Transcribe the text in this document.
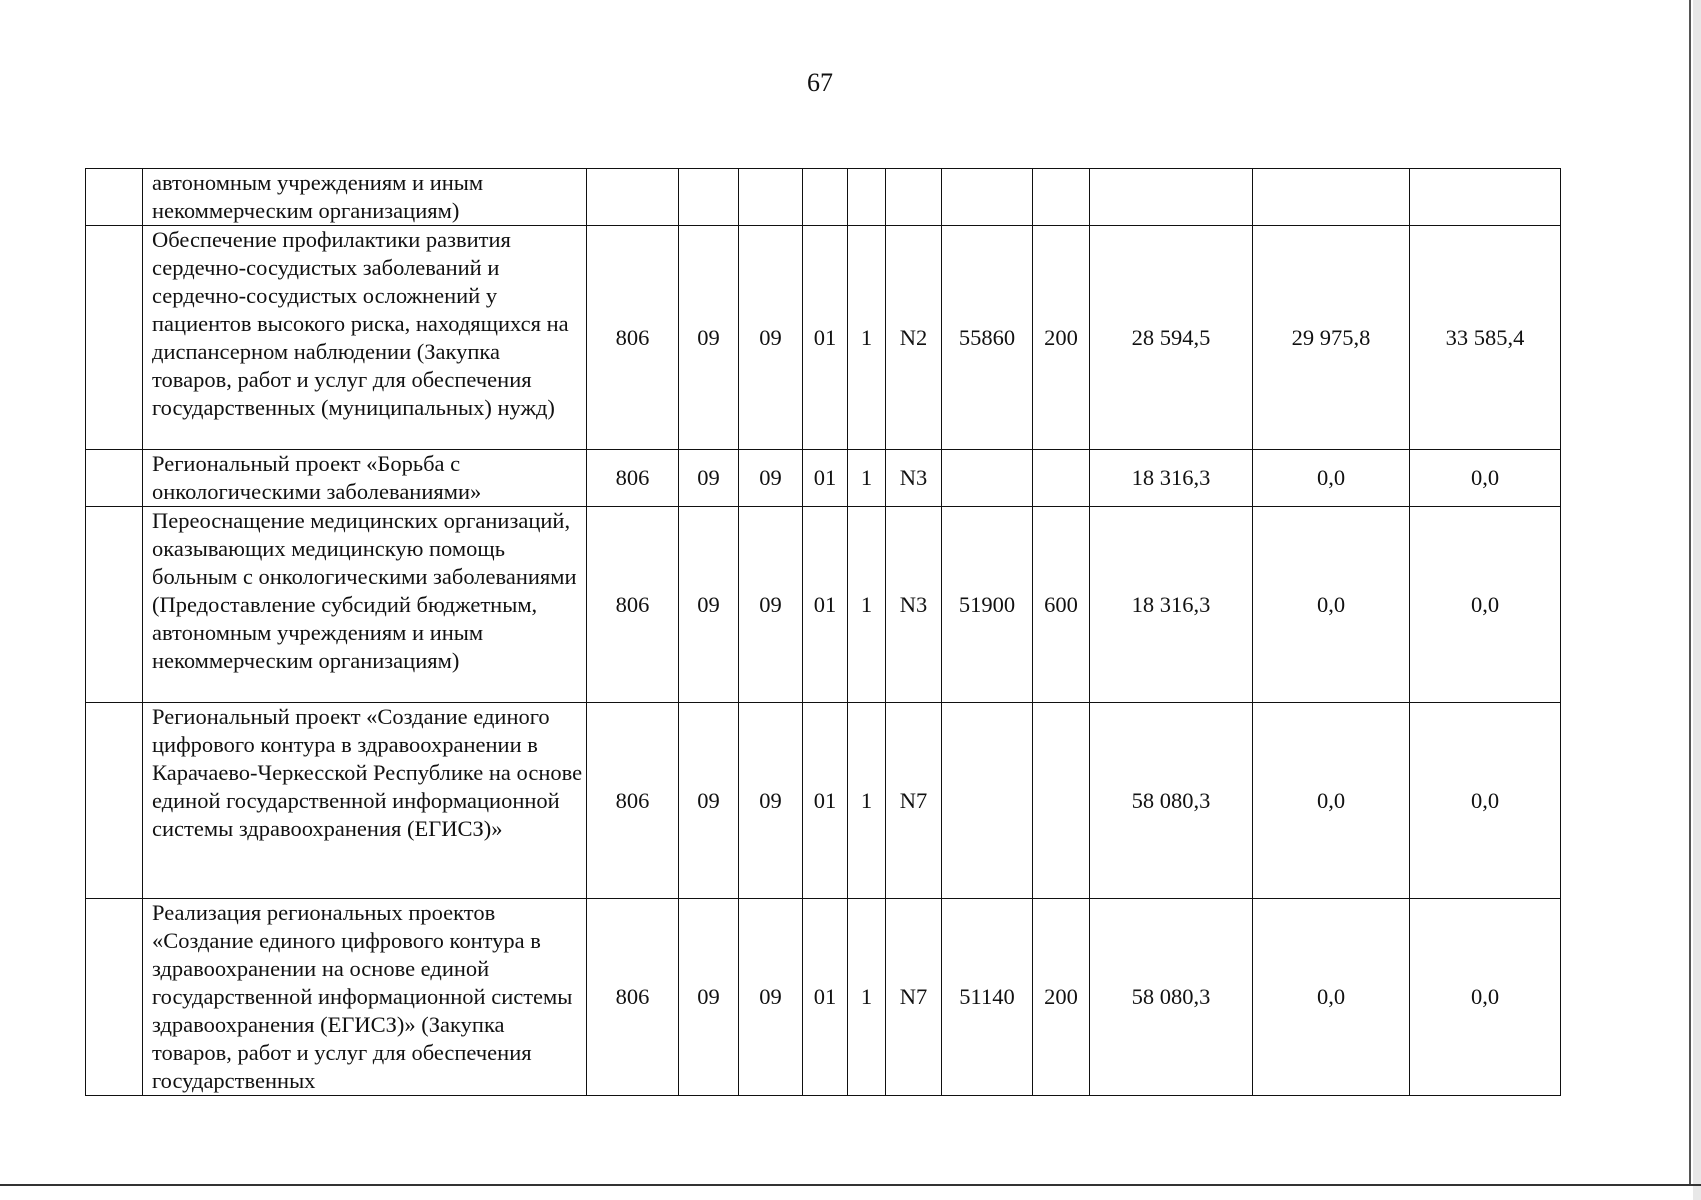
67
	автономным учреждениям и иным некоммерческим организациям)											
	Обеспечение профилактики развития сердечно-сосудистых заболеваний и сердечно-сосудистых осложнений у пациентов высокого риска, находящихся на диспансерном наблюдении (Закупка товаров, работ и услуг для обеспечения государственных (муниципальных) нужд)	806	09	09	01	1	N2	55860	200	28 594,5	29 975,8	33 585,4
	Региональный проект «Борьба с онкологическими заболеваниями»	806	09	09	01	1	N3			18 316,3	0,0	0,0
	Переоснащение медицинских организаций, оказывающих медицинскую помощь больным с онкологическими заболеваниями (Предоставление субсидий бюджетным, автономным учреждениям и иным некоммерческим организациям)	806	09	09	01	1	N3	51900	600	18 316,3	0,0	0,0
	Региональный проект «Создание единого цифрового контура в здравоохранении в Карачаево-Черкесской Республике на основе единой государственной информационной системы здравоохранения (ЕГИСЗ)»	806	09	09	01	1	N7			58 080,3	0,0	0,0
	Реализация региональных проектов «Создание единого цифрового контура в здравоохранении на основе единой государственной информационной системы здравоохранения (ЕГИСЗ)» (Закупка товаров, работ и услуг для обеспечения государственных	806	09	09	01	1	N7	51140	200	58 080,3	0,0	0,0
